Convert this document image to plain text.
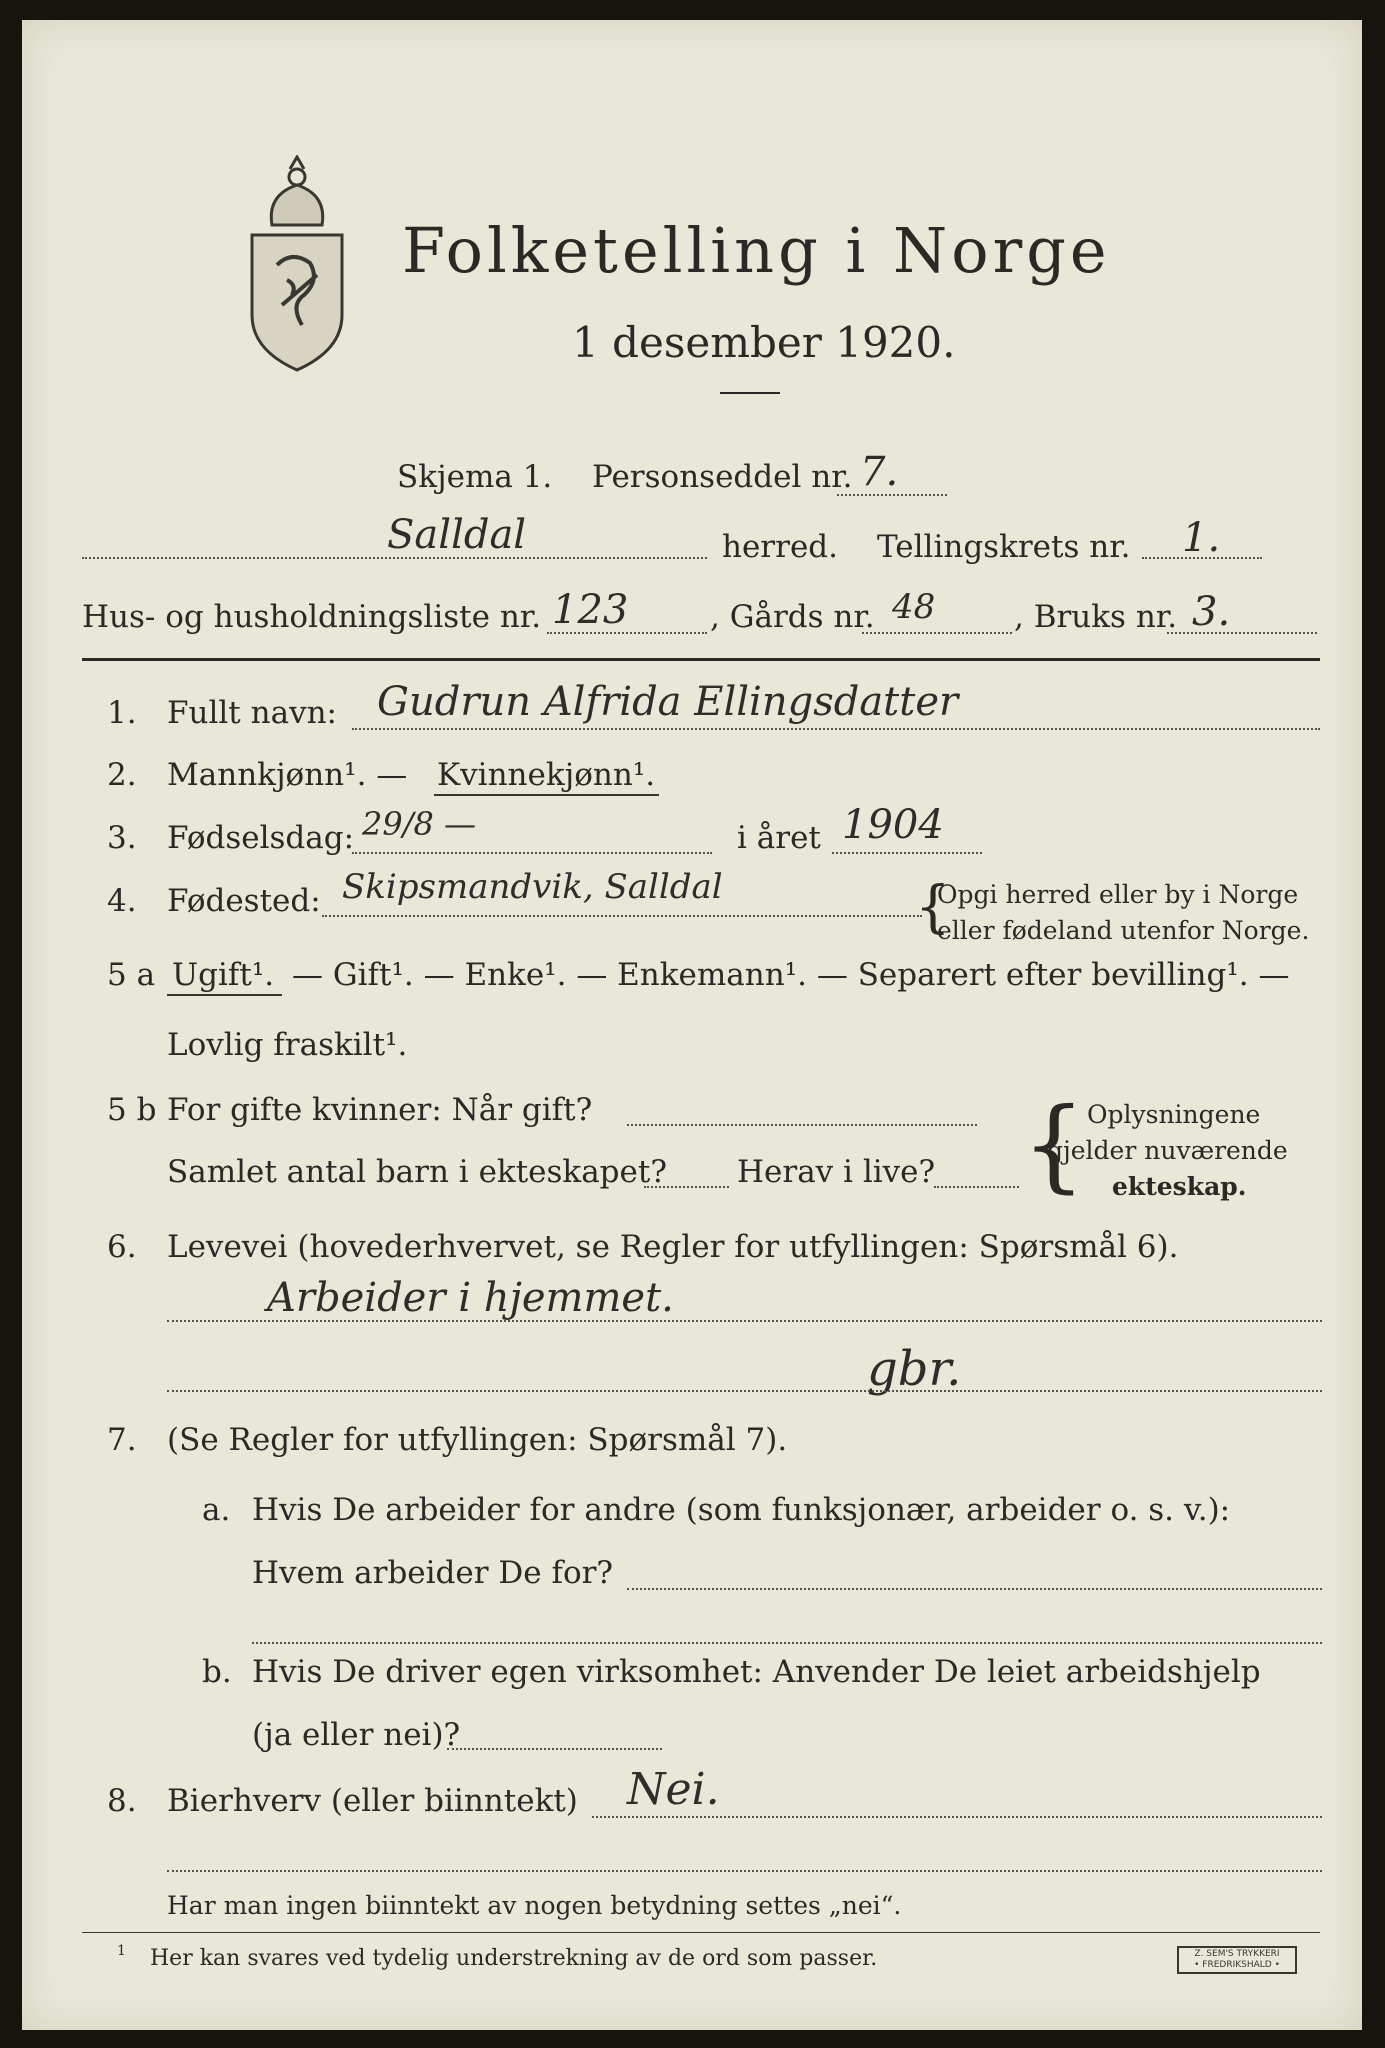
Folketelling i Norge
1 desember 1920.
Skjema 1. Personseddel nr. 7.
Salldal	herred. Tellingskrets nr. 1.
Hus- og husholdningsliste nr. 123	, Gårds nr. 48	, Bruks nr. 3.
1. Fullt navn: Gudrun Alfrida Ellingsdatter
2. Mannkjønn¹. — Kvinnekjønn¹.
3. Fødselsdag: 29/8 —	i året 1904
4. Fødested: Skipsmandvik, Salldal	{
Opgi herred eller by i Norge
eller fødeland utenfor Norge.
5 a Ugift¹. — Gift¹. — Enke¹. — Enkemann¹. — Separert efter bevilling¹. —
Lovlig fraskilt¹.
5 b For gifte kvinner: Når gift?
Samlet antal barn i ekteskapet? Herav i live? { Oplysningene
gjelder nuværende
ekteskap.
6. Levevei (hovederhvervet, se Regler for utfyllingen: Spørsmål 6).
Arbeider i hjemmet.
gbr.
7. (Se Regler for utfyllingen: Spørsmål 7).
a. Hvis De arbeider for andre (som funksjonær, arbeider o. s. v.):
Hvem arbeider De for?
b. Hvis De driver egen virksomhet: Anvender De leiet arbeidshjelp
(ja eller nei)?
8. Bierhverv (eller biinntekt) Nei.
Har man ingen biinntekt av nogen betydning settes „nei“.
1 Her kan svares ved tydelig understrekning av de ord som passer.	Z. SEM'S TRYKKERI
• FREDRIKSHALD •
